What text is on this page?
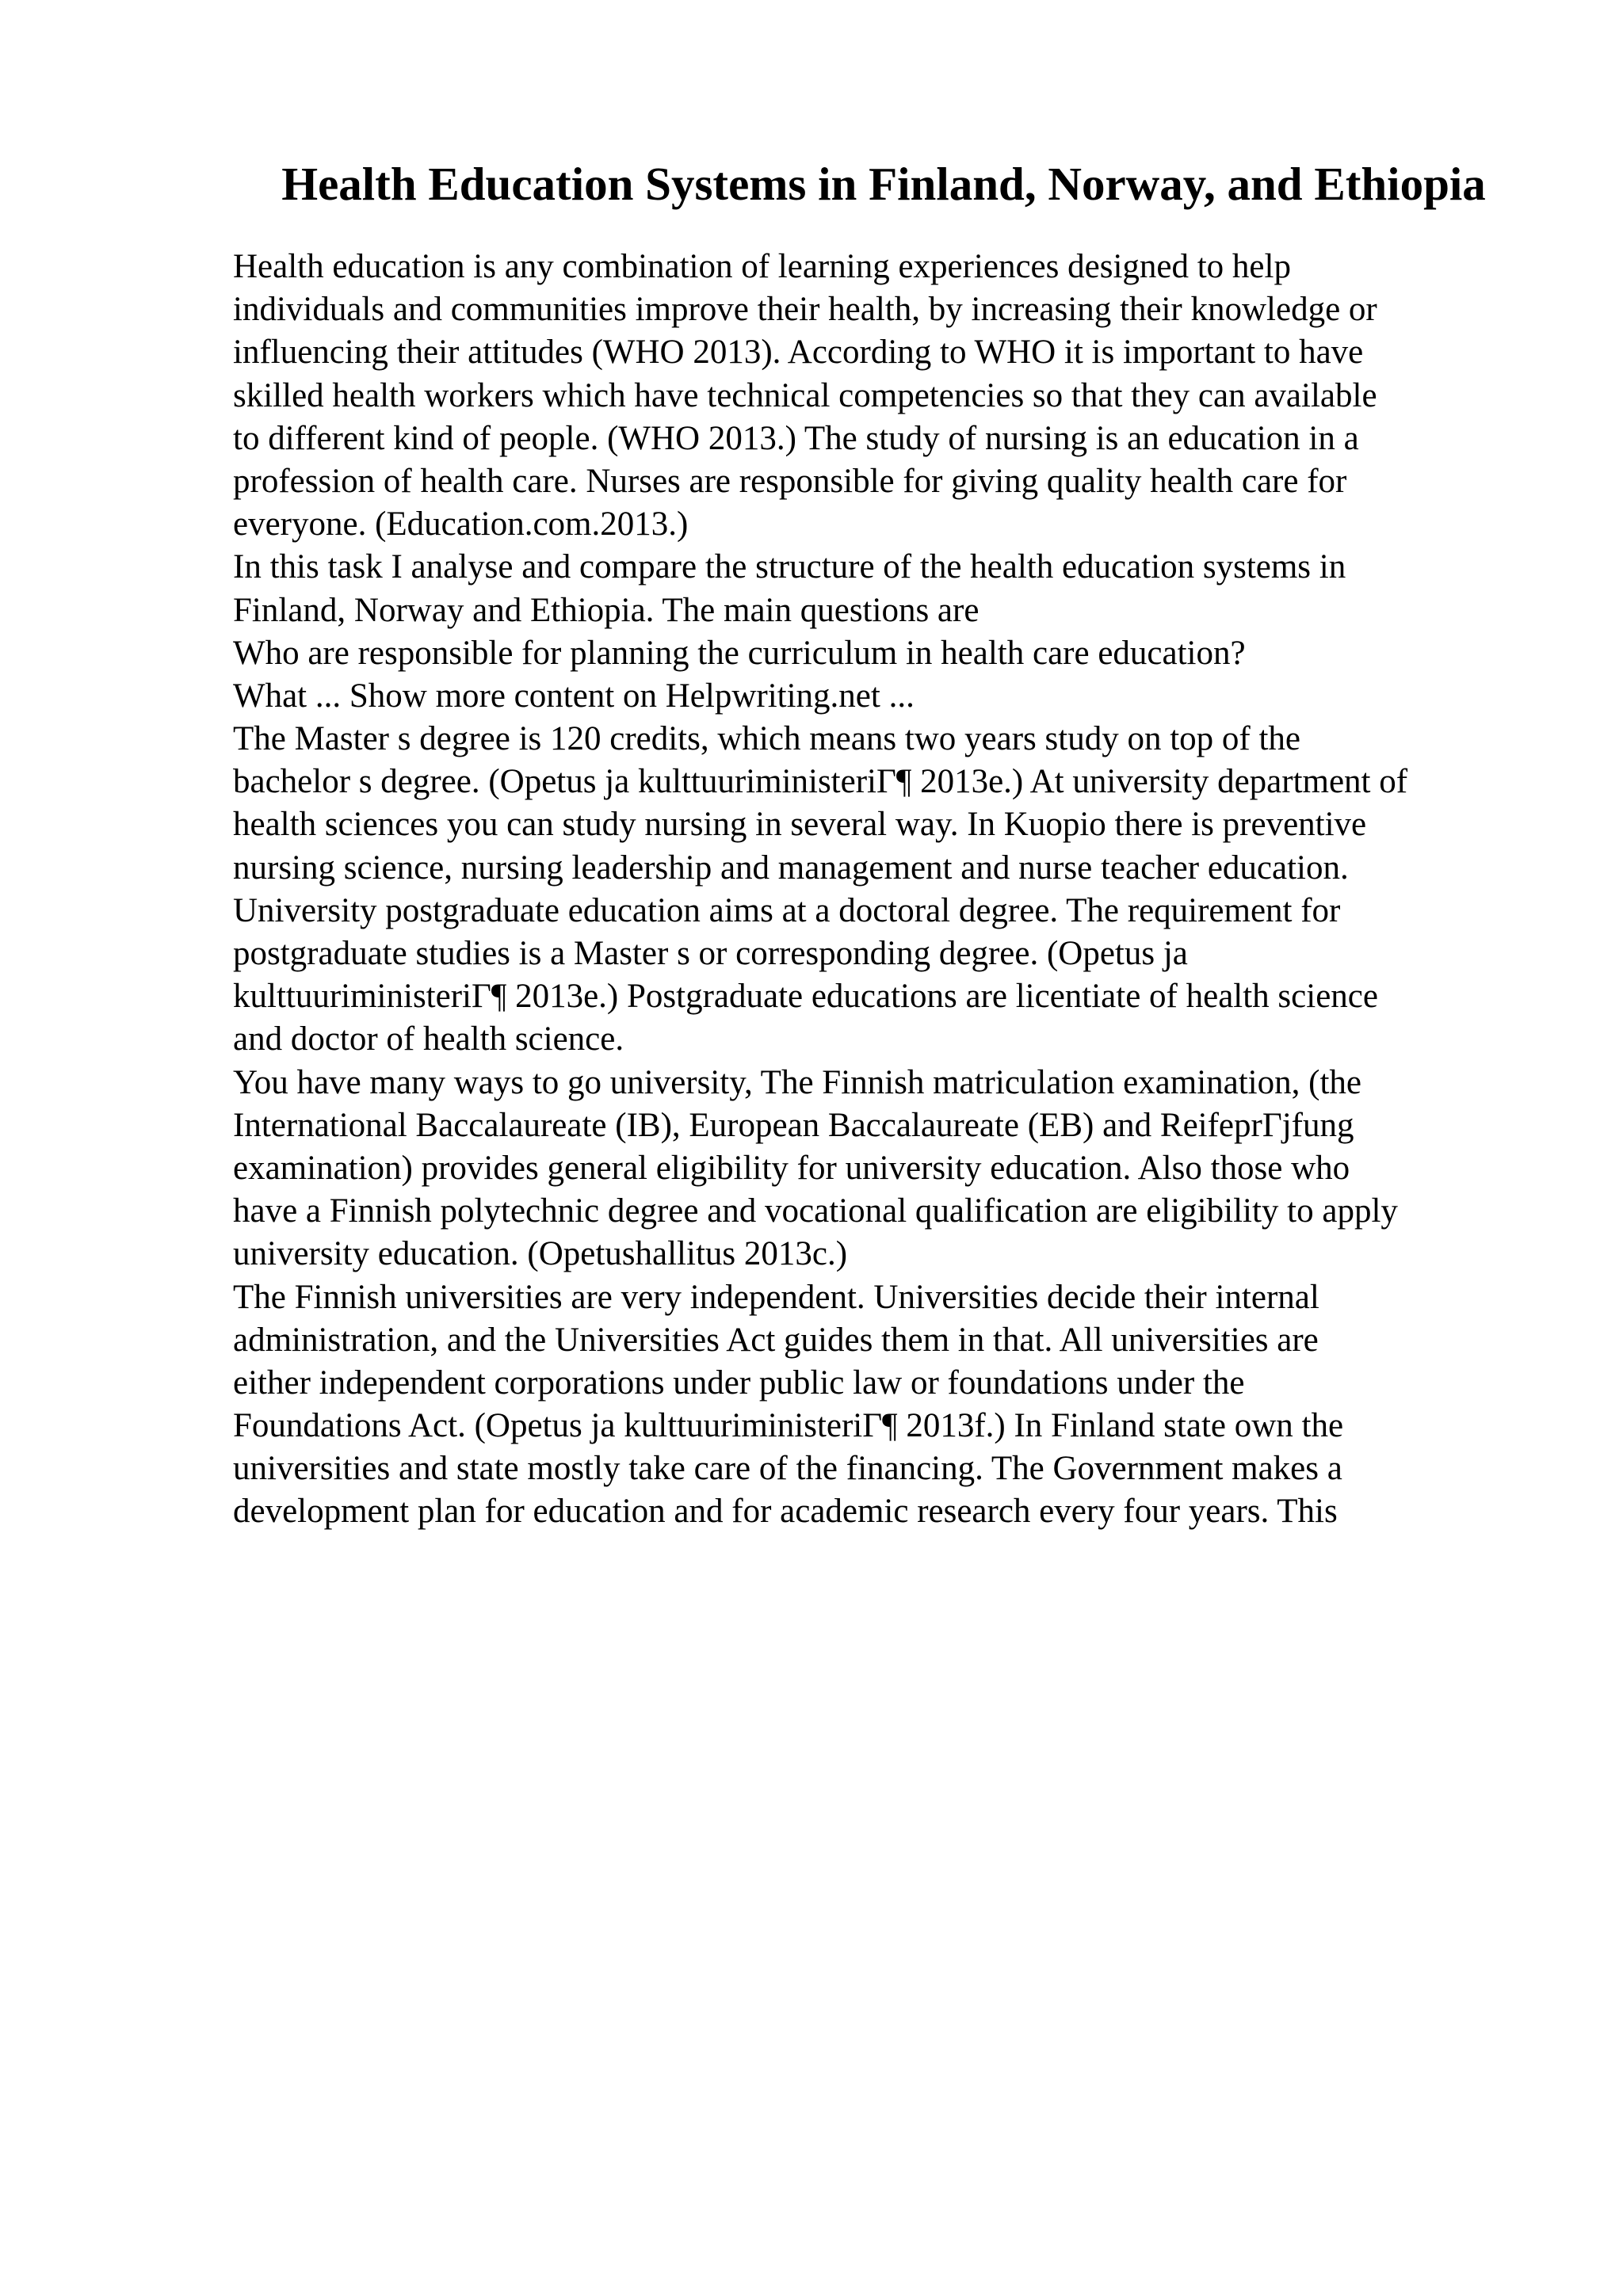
Health Education Systems in Finland, Norway, and Ethiopia
Health education is any combination of learning experiences designed to help
individuals and communities improve their health, by increasing their knowledge or
influencing their attitudes (WHO 2013). According to WHO it is important to have
skilled health workers which have technical competencies so that they can available
to different kind of people. (WHO 2013.) The study of nursing is an education in a
profession of health care. Nurses are responsible for giving quality health care for
everyone. (Education.com.2013.)
In this task I analyse and compare the structure of the health education systems in
Finland, Norway and Ethiopia. The main questions are
Who are responsible for planning the curriculum in health care education?
What ... Show more content on Helpwriting.net ...
The Master s degree is 120 credits, which means two years study on top of the
bachelor s degree. (Opetus ja kulttuuriministeriГ¶ 2013e.) At university department of
health sciences you can study nursing in several way. In Kuopio there is preventive
nursing science, nursing leadership and management and nurse teacher education.
University postgraduate education aims at a doctoral degree. The requirement for
postgraduate studies is a Master s or corresponding degree. (Opetus ja
kulttuuriministeriГ¶ 2013e.) Postgraduate educations are licentiate of health science
and doctor of health science.
You have many ways to go university, The Finnish matriculation examination, (the
International Baccalaureate (IB), European Baccalaureate (EB) and ReifeprГјfung
examination) provides general eligibility for university education. Also those who
have a Finnish polytechnic degree and vocational qualification are eligibility to apply
university education. (Opetushallitus 2013c.)
The Finnish universities are very independent. Universities decide their internal
administration, and the Universities Act guides them in that. All universities are
either independent corporations under public law or foundations under the
Foundations Act. (Opetus ja kulttuuriministeriГ¶ 2013f.) In Finland state own the
universities and state mostly take care of the financing. The Government makes a
development plan for education and for academic research every four years. This
